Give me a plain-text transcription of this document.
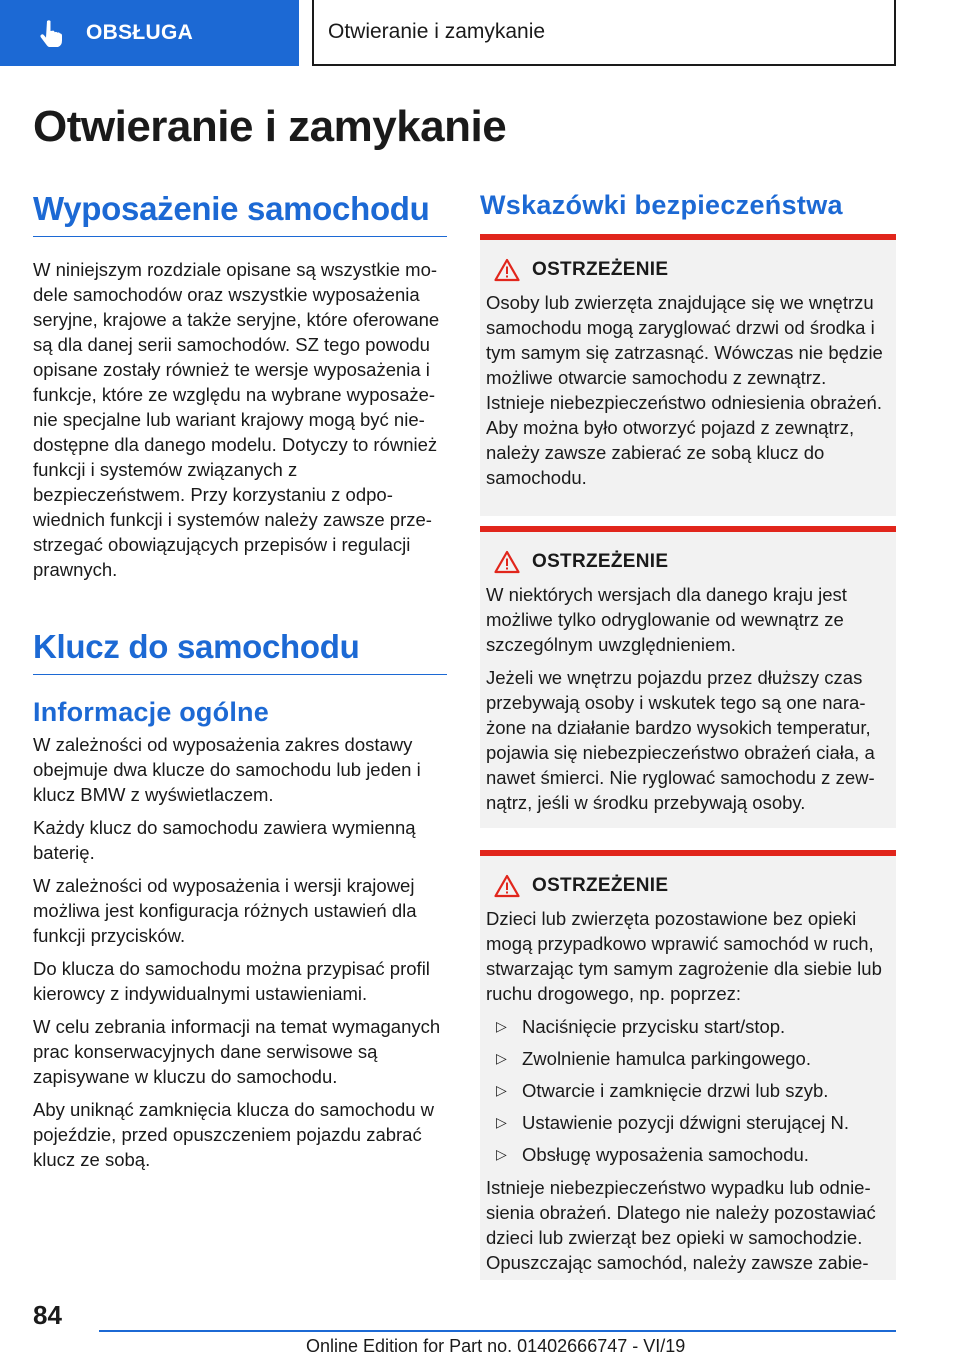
OBSŁUGA	Otwieranie i zamykanie
Otwieranie i zamykanie
Wyposażenie samochodu
W niniejszym rozdziale opisane są wszystkie modele samochodów oraz wszystkie wyposażenia seryjne, krajowe a także seryjne, które oferowane są dla danej serii samochodów. SZ tego powodu opisane zostały również te wersje wyposażenia i funkcje, które ze względu na wybrane wyposażenie specjalne lub wariant krajowy mogą być niedostępne dla danego modelu. Dotyczy to również funkcji i systemów związanych z bezpieczeństwem. Przy korzystaniu z odpowiednich funkcji i systemów należy zawsze przestrzegać obowiązujących przepisów i regulacji prawnych.
Klucz do samochodu
Informacje ogólne
W zależności od wyposażenia zakres dostawy obejmuje dwa klucze do samochodu lub jeden i klucz BMW z wyświetlaczem.
Każdy klucz do samochodu zawiera wymienną baterię.
W zależności od wyposażenia i wersji krajowej możliwa jest konfiguracja różnych ustawień dla funkcji przycisków.
Do klucza do samochodu można przypisać profil kierowcy z indywidualnymi ustawieniami.
W celu zebrania informacji na temat wymaganych prac konserwacyjnych dane serwisowe są zapisywane w kluczu do samochodu.
Aby uniknąć zamknięcia klucza do samochodu w pojeździe, przed opuszczeniem pojazdu zabrać klucz ze sobą.
Wskazówki bezpieczeństwa
OSTRZEŻENIE
Osoby lub zwierzęta znajdujące się we wnętrzu samochodu mogą zaryglować drzwi od środka i tym samym się zatrzasnąć. Wówczas nie będzie możliwe otwarcie samochodu z zewnątrz. Istnieje niebezpieczeństwo odniesienia obrażeń. Aby można było otworzyć pojazd z zewnątrz, należy zawsze zabierać ze sobą klucz do samochodu.
OSTRZEŻENIE
W niektórych wersjach dla danego kraju jest możliwe tylko odryglowanie od wewnątrz ze szczególnym uwzględnieniem.
Jeżeli we wnętrzu pojazdu przez dłuższy czas przebywają osoby i wskutek tego są one narażone na działanie bardzo wysokich temperatur, pojawia się niebezpieczeństwo obrażeń ciała, a nawet śmierci. Nie ryglować samochodu z zewnątrz, jeśli w środku przebywają osoby.
OSTRZEŻENIE
Dzieci lub zwierzęta pozostawione bez opieki mogą przypadkowo wprawić samochód w ruch, stwarzając tym samym zagrożenie dla siebie lub ruchu drogowego, np. poprzez:
▷ Naciśnięcie przycisku start/stop.
▷ Zwolnienie hamulca parkingowego.
▷ Otwarcie i zamknięcie drzwi lub szyb.
▷ Ustawienie pozycji dźwigni sterującej N.
▷ Obsługę wyposażenia samochodu.
Istnieje niebezpieczeństwo wypadku lub odniesienia obrażeń. Dlatego nie należy pozostawiać dzieci lub zwierząt bez opieki w samochodzie. Opuszczając samochód, należy zawsze zabie-
84
Online Edition for Part no. 01402666747 - VI/19
